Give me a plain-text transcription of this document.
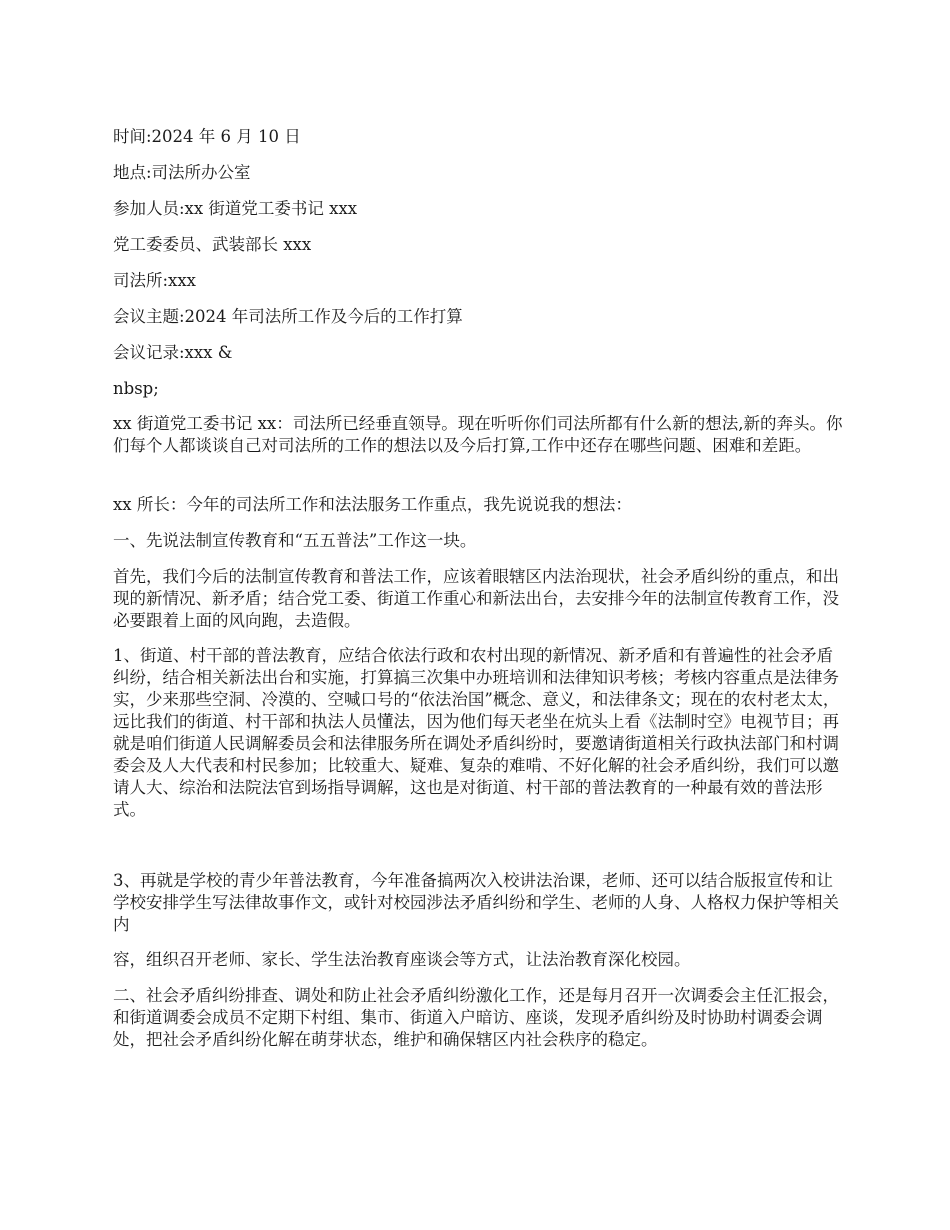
时间:2024 年 6 月 10 日

地点:司法所办公室

参加人员:xx 街道党工委书记 xxx

党工委委员、武装部长 xxx

司法所:xxx

会议主题:2024 年司法所工作及今后的工作打算

会议记录:xxx &

nbsp;

xx 街道党工委书记 xx：司法所已经垂直领导。现在听听你们司法所都有什么新的想法,新的奔头。你们每个人都谈谈自己对司法所的工作的想法以及今后打算,工作中还存在哪些问题、困难和差距。

xx 所长：今年的司法所工作和法法服务工作重点，我先说说我的想法：

一、先说法制宣传教育和“五五普法”工作这一块。

首先，我们今后的法制宣传教育和普法工作，应该着眼辖区内法治现状，社会矛盾纠纷的重点，和出现的新情况、新矛盾；结合党工委、街道工作重心和新法出台，去安排今年的法制宣传教育工作，没必要跟着上面的风向跑，去造假。

1、街道、村干部的普法教育，应结合依法行政和农村出现的新情况、新矛盾和有普遍性的社会矛盾纠纷，结合相关新法出台和实施，打算搞三次集中办班培训和法律知识考核；考核内容重点是法律务实，少来那些空洞、冷漠的、空喊口号的“依法治国”概念、意义，和法律条文；现在的农村老太太，远比我们的街道、村干部和执法人员懂法，因为他们每天老坐在炕头上看《法制时空》电视节目；再就是咱们街道人民调解委员会和法律服务所在调处矛盾纠纷时，要邀请街道相关行政执法部门和村调委会及人大代表和村民参加；比较重大、疑难、复杂的难啃、不好化解的社会矛盾纠纷，我们可以邀请人大、综治和法院法官到场指导调解，这也是对街道、村干部的普法教育的一种最有效的普法形式。

3、再就是学校的青少年普法教育，今年准备搞两次入校讲法治课，老师、还可以结合版报宣传和让学校安排学生写法律故事作文，或针对校园涉法矛盾纠纷和学生、老师的人身、人格权力保护等相关内

容，组织召开老师、家长、学生法治教育座谈会等方式，让法治教育深化校园。

二、社会矛盾纠纷排查、调处和防止社会矛盾纠纷激化工作，还是每月召开一次调委会主任汇报会，和街道调委会成员不定期下村组、集市、街道入户暗访、座谈，发现矛盾纠纷及时协助村调委会调处，把社会矛盾纠纷化解在萌芽状态，维护和确保辖区内社会秩序的稳定。
